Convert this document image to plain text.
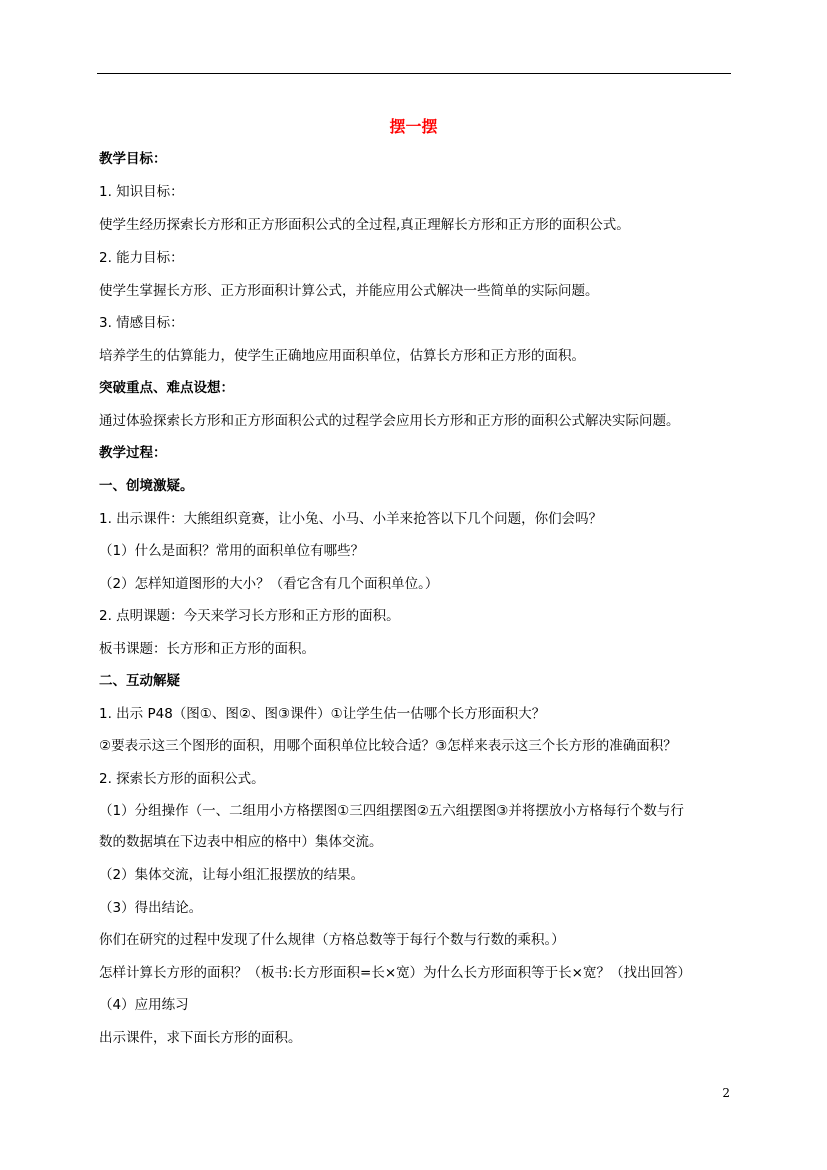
摆一摆
教学目标：
1. 知识目标：
使学生经历探索长方形和正方形面积公式的全过程,真正理解长方形和正方形的面积公式。
2. 能力目标：
使学生掌握长方形、正方形面积计算公式，并能应用公式解决一些简单的实际问题。
3. 情感目标：
培养学生的估算能力，使学生正确地应用面积单位，估算长方形和正方形的面积。
突破重点、难点设想：
通过体验探索长方形和正方形面积公式的过程学会应用长方形和正方形的面积公式解决实际问题。
教学过程：
一、创境激疑。
1. 出示课件：大熊组织竟赛，让小兔、小马、小羊来抢答以下几个问题，你们会吗？
（1）什么是面积？常用的面积单位有哪些？
（2）怎样知道图形的大小？（看它含有几个面积单位。）
2. 点明课题：今天来学习长方形和正方形的面积。
板书课题：长方形和正方形的面积。
二、互动解疑
1. 出示 P48（图①、图②、图③课件）①让学生估一估哪个长方形面积大？
②要表示这三个图形的面积，用哪个面积单位比较合适？③怎样来表示这三个长方形的准确面积？
2. 探索长方形的面积公式。
（1）分组操作（一、二组用小方格摆图①三四组摆图②五六组摆图③并将摆放小方格每行个数与行
数的数据填在下边表中相应的格中）集体交流。
（2）集体交流，让每小组汇报摆放的结果。
（3）得出结论。
你们在研究的过程中发现了什么规律（方格总数等于每行个数与行数的乘积。）
怎样计算长方形的面积？（板书:长方形面积=长×宽）为什么长方形面积等于长×宽？（找出回答）
（4）应用练习
出示课件，求下面长方形的面积。
2
